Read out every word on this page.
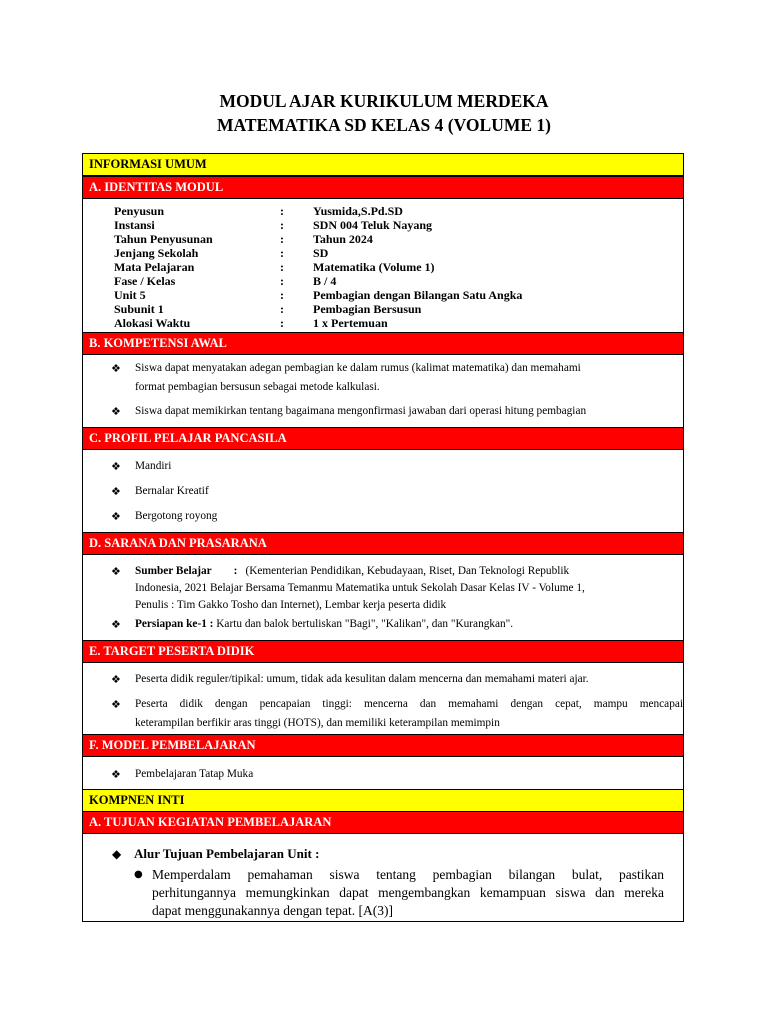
MODUL AJAR KURIKULUM MERDEKA
MATEMATIKA SD KELAS 4 (VOLUME 1)
INFORMASI UMUM
A. IDENTITAS MODUL
Penyusun	: Yusmida,S.Pd.SD
Instansi	: SDN 004 Teluk Nayang
Tahun Penyusunan	: Tahun 2024
Jenjang Sekolah	: SD
Mata Pelajaran	: Matematika (Volume 1)
Fase / Kelas	: B / 4
Unit 5	: Pembagian dengan Bilangan Satu Angka
Subunit 1	: Pembagian Bersusun
Alokasi Waktu	: 1 x Pertemuan
B. KOMPETENSI AWAL
❖ Siswa dapat menyatakan adegan pembagian ke dalam rumus (kalimat matematika) dan memahami
format pembagian bersusun sebagai metode kalkulasi.
❖ Siswa dapat memikirkan tentang bagaimana mengonfirmasi jawaban dari operasi hitung pembagian
C. PROFIL PELAJAR PANCASILA
❖ Mandiri
❖ Bernalar Kreatif
❖ Bergotong royong
D. SARANA DAN PRASARANA
❖ Sumber Belajar : (Kementerian Pendidikan, Kebudayaan, Riset, Dan Teknologi Republik
Indonesia, 2021 Belajar Bersama Temanmu Matematika untuk Sekolah Dasar Kelas IV - Volume 1,
Penulis : Tim Gakko Tosho dan Internet), Lembar kerja peserta didik
❖ Persiapan ke-1 : Kartu dan balok bertuliskan "Bagi", "Kalikan", dan "Kurangkan".
E. TARGET PESERTA DIDIK
❖ Peserta didik reguler/tipikal: umum, tidak ada kesulitan dalam mencerna dan memahami materi ajar.
❖ Peserta didik dengan pencapaian tinggi: mencerna dan memahami dengan cepat, mampu mencapai
keterampilan berfikir aras tinggi (HOTS), dan memiliki keterampilan memimpin
F. MODEL PEMBELAJARAN
❖ Pembelajaran Tatap Muka
KOMPNEN INTI
A. TUJUAN KEGIATAN PEMBELAJARAN
◆ Alur Tujuan Pembelajaran Unit :
● Memperdalam pemahaman siswa tentang pembagian bilangan bulat, pastikan
perhitungannya memungkinkan dapat mengembangkan kemampuan siswa dan mereka
dapat menggunakannya dengan tepat. [A(3)]
